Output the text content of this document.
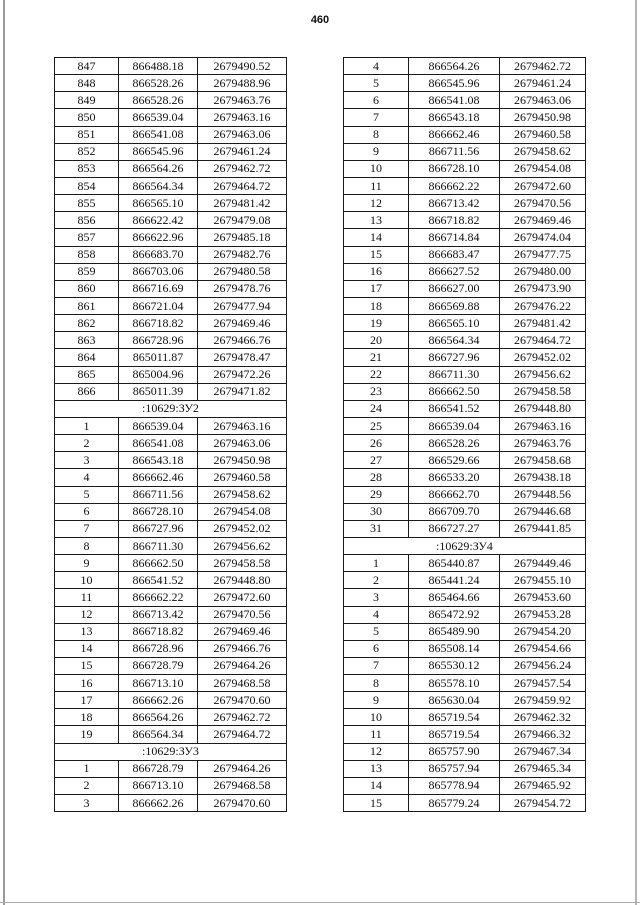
460
847	866488.18	2679490.52
848	866528.26	2679488.96
849	866528.26	2679463.76
850	866539.04	2679463.16
851	866541.08	2679463.06
852	866545.96	2679461.24
853	866564.26	2679462.72
854	866564.34	2679464.72
855	866565.10	2679481.42
856	866622.42	2679479.08
857	866622.96	2679485.18
858	866683.70	2679482.76
859	866703.06	2679480.58
860	866716.69	2679478.76
861	866721.04	2679477.94
862	866718.82	2679469.46
863	866728.96	2679466.76
864	865011.87	2679478.47
865	865004.96	2679472.26
866	865011.39	2679471.82
:10629:ЗУ2		
1	866539.04	2679463.16
2	866541.08	2679463.06
3	866543.18	2679450.98
4	866662.46	2679460.58
5	866711.56	2679458.62
6	866728.10	2679454.08
7	866727.96	2679452.02
8	866711.30	2679456.62
9	866662.50	2679458.58
10	866541.52	2679448.80
11	866662.22	2679472.60
12	866713.42	2679470.56
13	866718.82	2679469.46
14	866728.96	2679466.76
15	866728.79	2679464.26
16	866713.10	2679468.58
17	866662.26	2679470.60
18	866564.26	2679462.72
19	866564.34	2679464.72
:10629:ЗУ3		
1	866728.79	2679464.26
2	866713.10	2679468.58
3	866662.26	2679470.60
4	866564.26	2679462.72
5	866545.96	2679461.24
6	866541.08	2679463.06
7	866543.18	2679450.98
8	866662.46	2679460.58
9	866711.56	2679458.62
10	866728.10	2679454.08
11	866662.22	2679472.60
12	866713.42	2679470.56
13	866718.82	2679469.46
14	866714.84	2679474.04
15	866683.47	2679477.75
16	866627.52	2679480.00
17	866627.00	2679473.90
18	866569.88	2679476.22
19	866565.10	2679481.42
20	866564.34	2679464.72
21	866727.96	2679452.02
22	866711.30	2679456.62
23	866662.50	2679458.58
24	866541.52	2679448.80
25	866539.04	2679463.16
26	866528.26	2679463.76
27	866529.66	2679458.68
28	866533.20	2679438.18
29	866662.70	2679448.56
30	866709.70	2679446.68
31	866727.27	2679441.85
:10629:ЗУ4		
1	865440.87	2679449.46
2	865441.24	2679455.10
3	865464.66	2679453.60
4	865472.92	2679453.28
5	865489.90	2679454.20
6	865508.14	2679454.66
7	865530.12	2679456.24
8	865578.10	2679457.54
9	865630.04	2679459.92
10	865719.54	2679462.32
11	865719.54	2679466.32
12	865757.90	2679467.34
13	865757.94	2679465.34
14	865778.94	2679465.92
15	865779.24	2679454.72
